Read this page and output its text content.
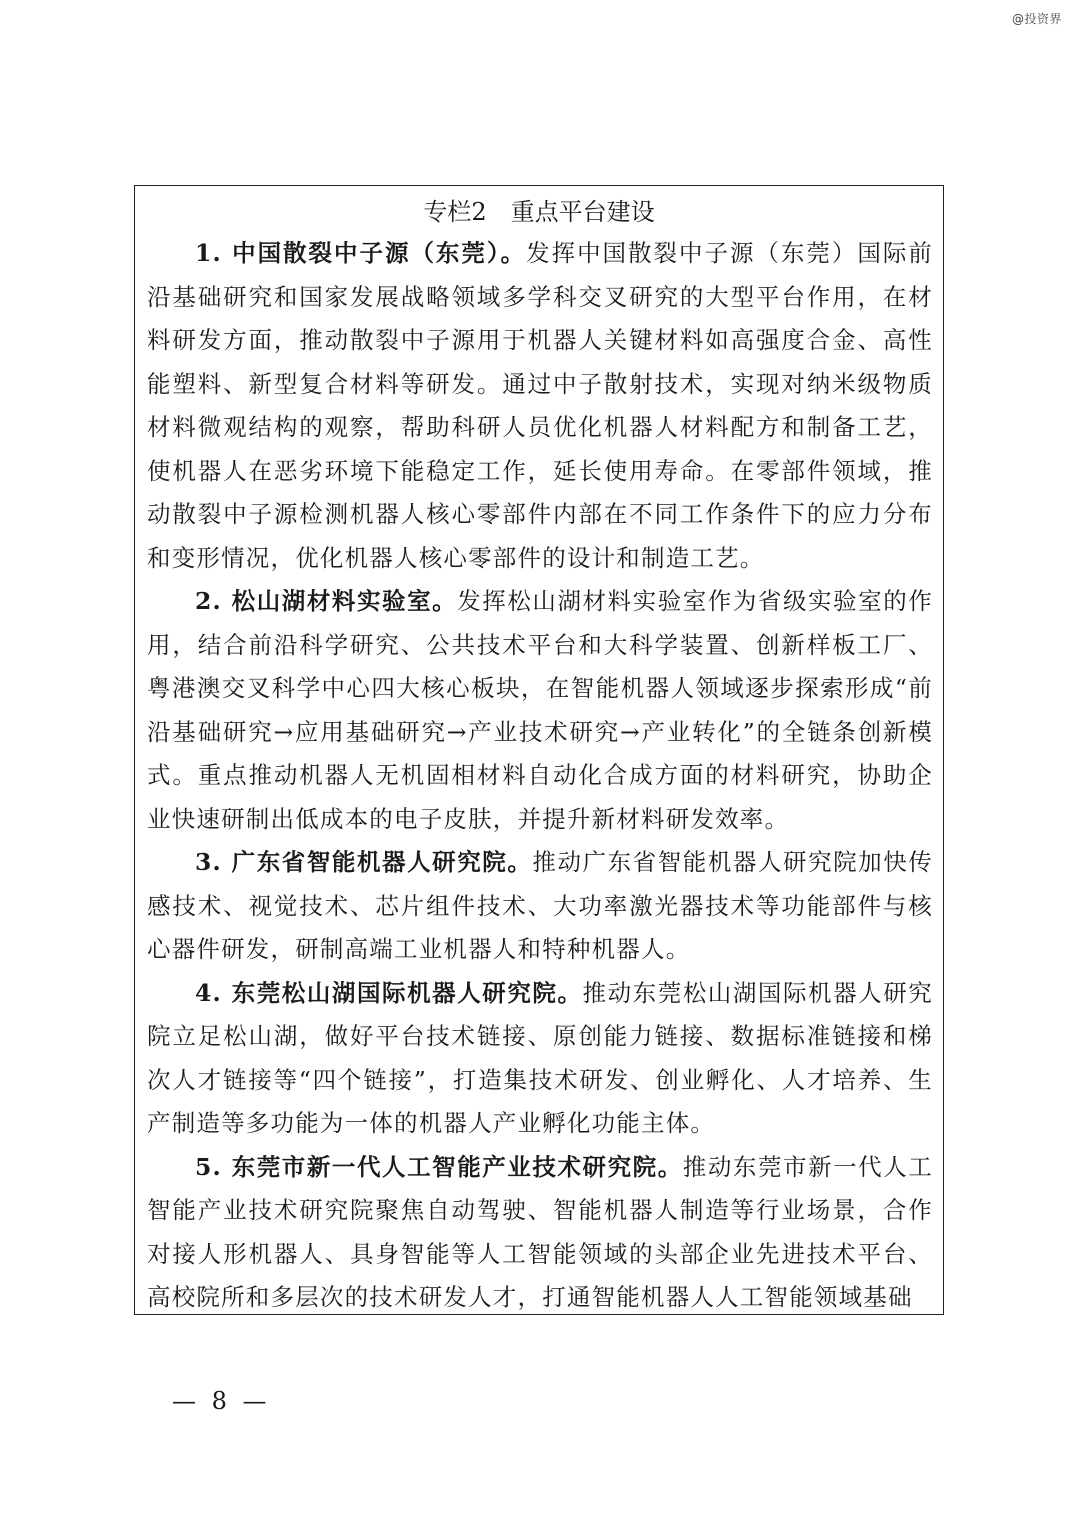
@投资界
专栏2　重点平台建设

1. 中国散裂中子源（东莞）。发挥中国散裂中子源（东莞）国际前沿基础研究和国家发展战略领域多学科交叉研究的大型平台作用，在材料研发方面，推动散裂中子源用于机器人关键材料如高强度合金、高性能塑料、新型复合材料等研发。通过中子散射技术，实现对纳米级物质材料微观结构的观察，帮助科研人员优化机器人材料配方和制备工艺，使机器人在恶劣环境下能稳定工作，延长使用寿命。在零部件领域，推动散裂中子源检测机器人核心零部件内部在不同工作条件下的应力分布和变形情况，优化机器人核心零部件的设计和制造工艺。

2. 松山湖材料实验室。发挥松山湖材料实验室作为省级实验室的作用，结合前沿科学研究、公共技术平台和大科学装置、创新样板工厂、粤港澳交叉科学中心四大核心板块，在智能机器人领域逐步探索形成“前沿基础研究→应用基础研究→产业技术研究→产业转化”的全链条创新模式。重点推动机器人无机固相材料自动化合成方面的材料研究，协助企业快速研制出低成本的电子皮肤，并提升新材料研发效率。

3. 广东省智能机器人研究院。推动广东省智能机器人研究院加快传感技术、视觉技术、芯片组件技术、大功率激光器技术等功能部件与核心器件研发，研制高端工业机器人和特种机器人。

4. 东莞松山湖国际机器人研究院。推动东莞松山湖国际机器人研究院立足松山湖，做好平台技术链接、原创能力链接、数据标准链接和梯次人才链接等“四个链接”，打造集技术研发、创业孵化、人才培养、生产制造等多功能为一体的机器人产业孵化功能主体。

5. 东莞市新一代人工智能产业技术研究院。推动东莞市新一代人工智能产业技术研究院聚焦自动驾驶、智能机器人制造等行业场景，合作对接人形机器人、具身智能等人工智能领域的头部企业先进技术平台、高校院所和多层次的技术研发人才，打通智能机器人人工智能领域基础

— 8 —
